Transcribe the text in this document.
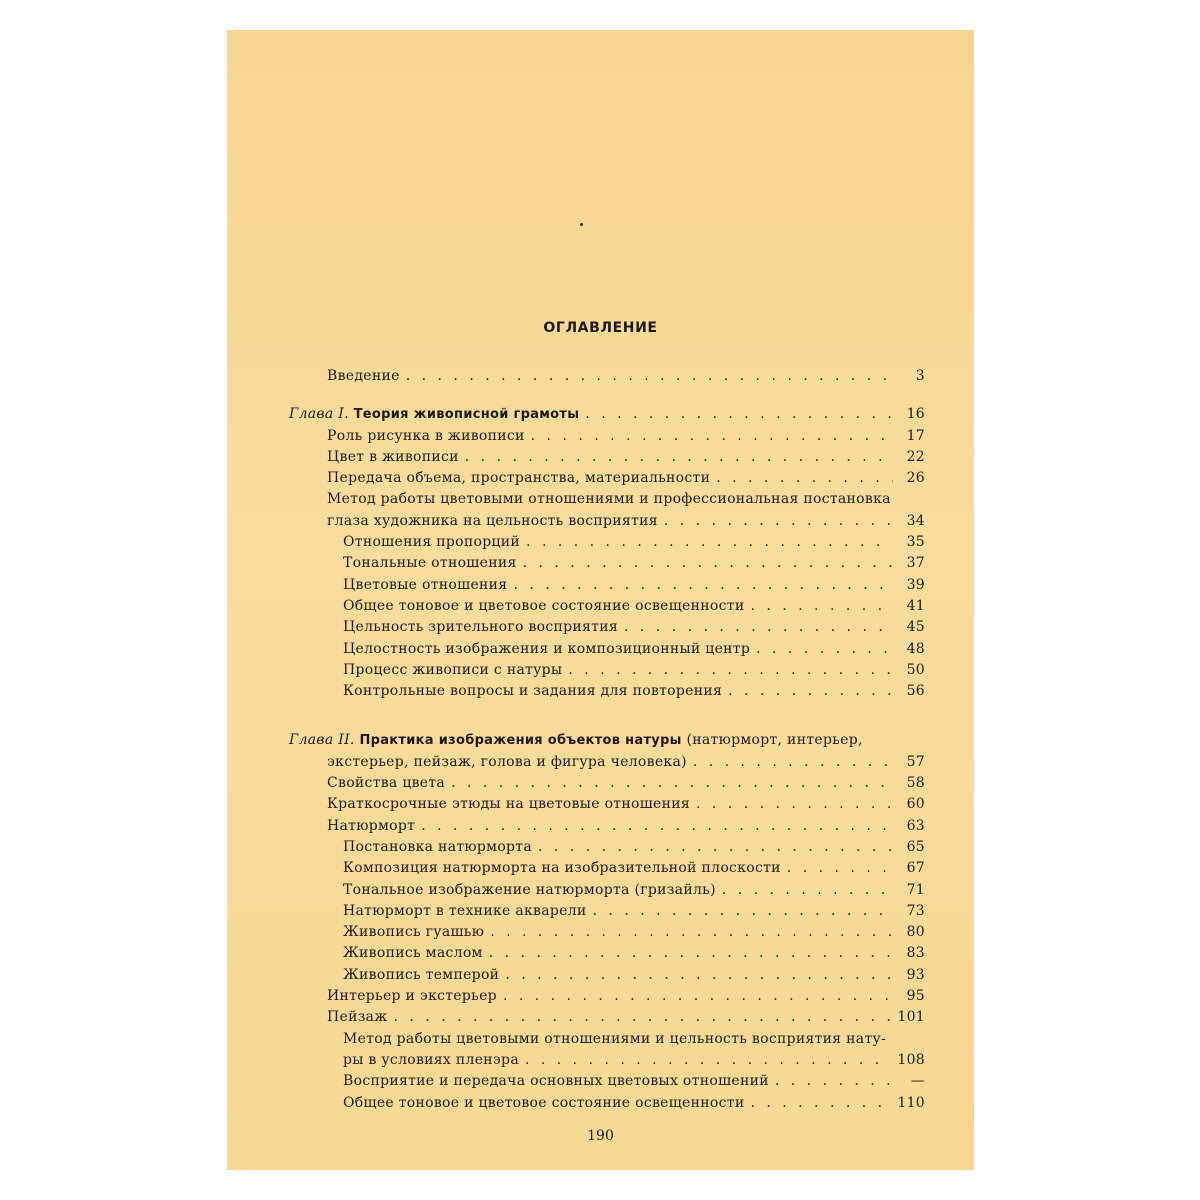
ОГЛАВЛЕНИЕ
Введение . . .	3
Глава I. Теория живописной грамоты . . .	16
Роль рисунка в живописи . . .	17
Цвет в живописи . . .	22
Передача объема, пространства, материальности . . .	26
Метод работы цветовыми отношениями и профессиональная постановка
глаза художника на цельность восприятия . . .	34
Отношения пропорций . . .	35
Тональные отношения . . .	37
Цветовые отношения . . .	39
Общее тоновое и цветовое состояние освещенности . . .	41
Цельность зрительного восприятия . . .	45
Целостность изображения и композиционный центр . . .	48
Процесс живописи с натуры . . .	50
Контрольные вопросы и задания для повторения . . .	56
Глава II. Практика изображения объектов натуры (натюрморт, интерьер,
экстерьер, пейзаж, голова и фигура человека) . . .	57
Свойства цвета . . .	58
Краткосрочные этюды на цветовые отношения . . .	60
Натюрморт . . .	63
Постановка натюрморта . . .	65
Композиция натюрморта на изобразительной плоскости . . .	67
Тональное изображение натюрморта (гризайль) . . .	71
Натюрморт в технике акварели . . .	73
Живопись гуашью . . .	80
Живопись маслом . . .	83
Живопись темперой . . .	93
Интерьер и экстерьер . . .	95
Пейзаж . . .	101
Метод работы цветовыми отношениями и цельность восприятия нату-
ры в условиях пленэра . . .	108
Восприятие и передача основных цветовых отношений . . .	—
Общее тоновое и цветовое состояние освещенности . . .	110
190
